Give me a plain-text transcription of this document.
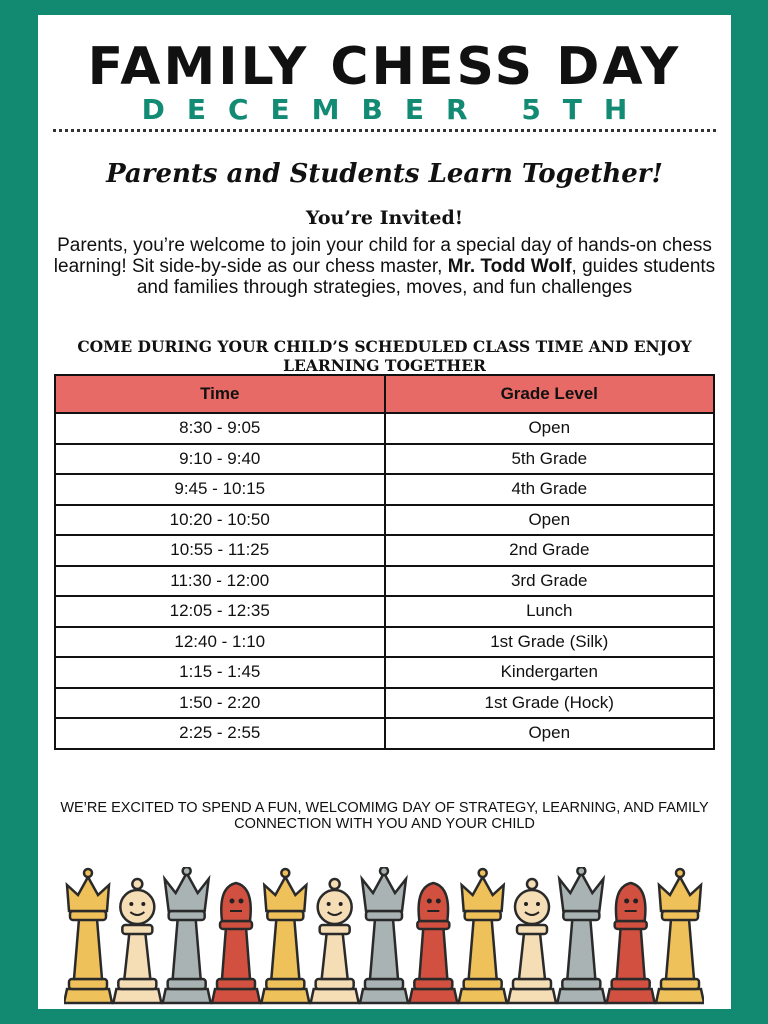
FAMILY CHESS DAY
DECEMBER 5TH
Parents and Students Learn Together!
You’re Invited!
Parents, you’re welcome to join your child for a special day of hands-on chess learning! Sit side-by-side as our chess master, Mr. Todd Wolf, guides students and families through strategies, moves, and fun challenges
COME DURING YOUR CHILD’S SCHEDULED CLASS TIME AND ENJOY LEARNING TOGETHER
Time	Grade Level
8:30 - 9:05	Open
9:10 - 9:40	5th Grade
9:45 - 10:15	4th Grade
10:20 - 10:50	Open
10:55 - 11:25	2nd Grade
11:30 - 12:00	3rd Grade
12:05 - 12:35	Lunch
12:40 - 1:10	1st Grade (Silk)
1:15 - 1:45	Kindergarten
1:50 - 2:20	1st Grade (Hock)
2:25 - 2:55	Open
WE’RE EXCITED TO SPEND A FUN, WELCOMIMG DAY OF STRATEGY, LEARNING, AND FAMILY CONNECTION WITH YOU AND YOUR CHILD
